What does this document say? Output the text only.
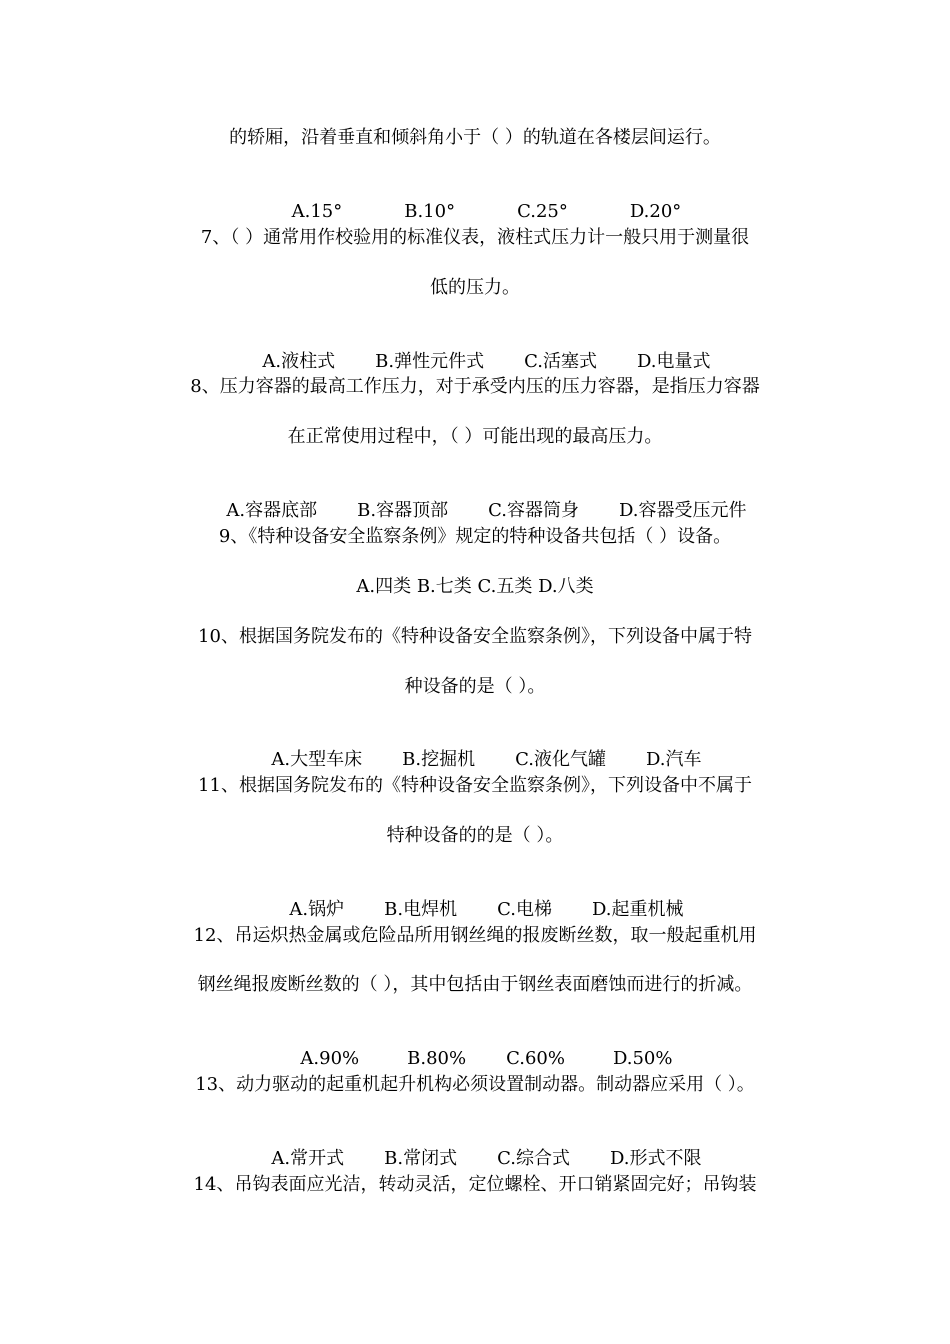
的轿厢，沿着垂直和倾斜角小于（ ）的轨道在各楼层间运行。

A.15°	B.10°	C.25°	D.20°

7、（ ）通常用作校验用的标准仪表，液柱式压力计一般只用于测量很
低的压力。

A.液柱式 B.弹性元件式 C.活塞式 D.电量式

8、压力容器的最高工作压力，对于承受内压的压力容器，是指压力容器
在正常使用过程中，（ ）可能出现的最高压力。

A.容器底部 B.容器顶部 C.容器筒身 D.容器受压元件

9、《特种设备安全监察条例》规定的特种设备共包括（ ）设备。
A.四类 B.七类 C.五类 D.八类
10、根据国务院发布的《特种设备安全监察条例》，下列设备中属于特
种设备的是（ ）。

A.大型车床 B.挖掘机 C.液化气罐 D.汽车

11、根据国务院发布的《特种设备安全监察条例》，下列设备中不属于
特种设备的的是（ ）。

A.锅炉 B.电焊机 C.电梯 D.起重机械

12、吊运炽热金属或危险品所用钢丝绳的报废断丝数，取一般起重机用
钢丝绳报废断丝数的（ ），其中包括由于钢丝表面磨蚀而进行的折减。

A.90%	B.80% C.60%	D.50%

13、动力驱动的起重机起升机构必须设置制动器。制动器应采用（ ）。

A.常开式 B.常闭式 C.综合式 D.形式不限

14、吊钩表面应光洁，转动灵活，定位螺栓、开口销紧固完好；吊钩装
